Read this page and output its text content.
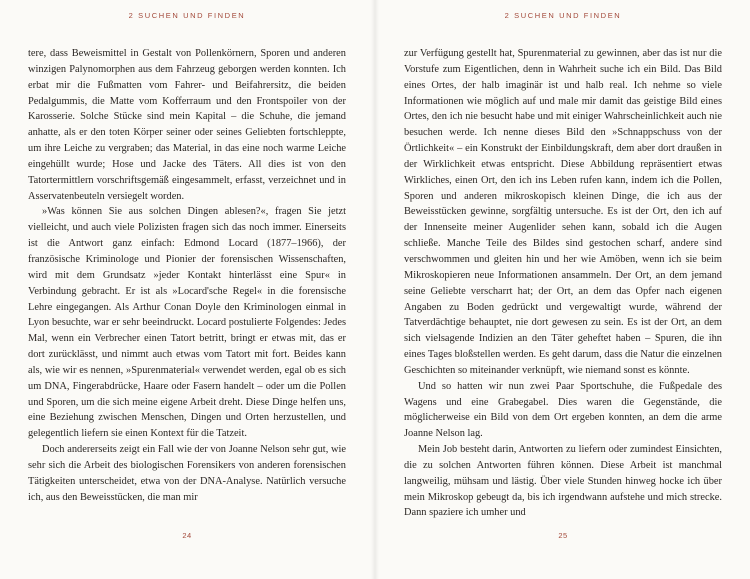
2 SUCHEN UND FINDEN

tere, dass Beweismittel in Gestalt von Pollenkörnern, Sporen und anderen winzigen Palynomorphen aus dem Fahrzeug geborgen werden konnten. Ich erbat mir die Fußmatten vom Fahrer- und Beifahrersitz, die beiden Pedalgummis, die Matte vom Kofferraum und den Frontspoiler von der Karosserie. Solche Stücke sind mein Kapital – die Schuhe, die jemand anhatte, als er den toten Körper seiner oder seines Geliebten fortschleppte, um ihre Leiche zu vergraben; das Material, in das eine noch warme Leiche eingehüllt wurde; Hose und Jacke des Täters. All dies ist von den Tatortermittlern vorschriftsgemäß eingesammelt, erfasst, verzeichnet und in Asservatenbeuteln versiegelt worden.

»Was können Sie aus solchen Dingen ablesen?«, fragen Sie jetzt vielleicht, und auch viele Polizisten fragen sich das noch immer. Einerseits ist die Antwort ganz einfach: Edmond Locard (1877–1966), der französische Kriminologe und Pionier der forensischen Wissenschaften, wird mit dem Grundsatz »jeder Kontakt hinterlässt eine Spur« in Verbindung gebracht. Er ist als »Locard'sche Regel« in die forensische Lehre eingegangen. Als Arthur Conan Doyle den Kriminologen einmal in Lyon besuchte, war er sehr beeindruckt. Locard postulierte Folgendes: Jedes Mal, wenn ein Verbrecher einen Tatort betritt, bringt er etwas mit, das er dort zurücklässt, und nimmt auch etwas vom Tatort mit fort. Beides kann als, wie wir es nennen, »Spurenmaterial« verwendet werden, egal ob es sich um DNA, Fingerabdrücke, Haare oder Fasern handelt – oder um die Pollen und Sporen, um die sich meine eigene Arbeit dreht. Diese Dinge helfen uns, eine Beziehung zwischen Menschen, Dingen und Orten herzustellen, und gelegentlich liefern sie einen Kontext für die Tatzeit.

Doch andererseits zeigt ein Fall wie der von Joanne Nelson sehr gut, wie sehr sich die Arbeit des biologischen Forensikers von anderen forensischen Tätigkeiten unterscheidet, etwa von der DNA-Analyse. Natürlich versuche ich, aus den Beweisstücken, die man mir

24
2 SUCHEN UND FINDEN

zur Verfügung gestellt hat, Spurenmaterial zu gewinnen, aber das ist nur die Vorstufe zum Eigentlichen, denn in Wahrheit suche ich ein Bild. Das Bild eines Ortes, der halb imaginär ist und halb real. Ich nehme so viele Informationen wie möglich auf und male mir damit das geistige Bild eines Ortes, den ich nie besucht habe und mit einiger Wahrscheinlichkeit auch nie besuchen werde. Ich nenne dieses Bild den »Schnappschuss von der Örtlichkeit« – ein Konstrukt der Einbildungskraft, dem aber dort draußen in der Wirklichkeit etwas entspricht. Diese Abbildung repräsentiert etwas Wirkliches, einen Ort, den ich ins Leben rufen kann, indem ich die Pollen, Sporen und anderen mikroskopisch kleinen Dinge, die ich aus der Beweisstücken gewinne, sorgfältig untersuche. Es ist der Ort, den ich auf der Innenseite meiner Augenlider sehen kann, sobald ich die Augen schließe. Manche Teile des Bildes sind gestochen scharf, andere sind verschwommen und gleiten hin und her wie Amöben, wenn ich sie beim Mikroskopieren neue Informationen ansammeln. Der Ort, an dem jemand seine Geliebte verscharrt hat; der Ort, an dem das Opfer nach eigenen Angaben zu Boden gedrückt und vergewaltigt wurde, während der Tatverdächtige behauptet, nie dort gewesen zu sein. Es ist der Ort, an dem sich vielsagende Indizien an den Täter geheftet haben – Spuren, die ihn eines Tages bloßstellen werden. Es geht darum, dass die Natur die einzelnen Geschichten so miteinander verknüpft, wie niemand sonst es könnte.

Und so hatten wir nun zwei Paar Sportschuhe, die Fußpedale des Wagens und eine Grabegabel. Dies waren die Gegenstände, die möglicherweise ein Bild von dem Ort ergeben konnten, an dem die arme Joanne Nelson lag.

Mein Job besteht darin, Antworten zu liefern oder zumindest Einsichten, die zu solchen Antworten führen können. Diese Arbeit ist manchmal langweilig, mühsam und lästig. Über viele Stunden hinweg hocke ich über mein Mikroskop gebeugt da, bis ich irgendwann aufstehe und mich strecke. Dann spaziere ich umher und

25
